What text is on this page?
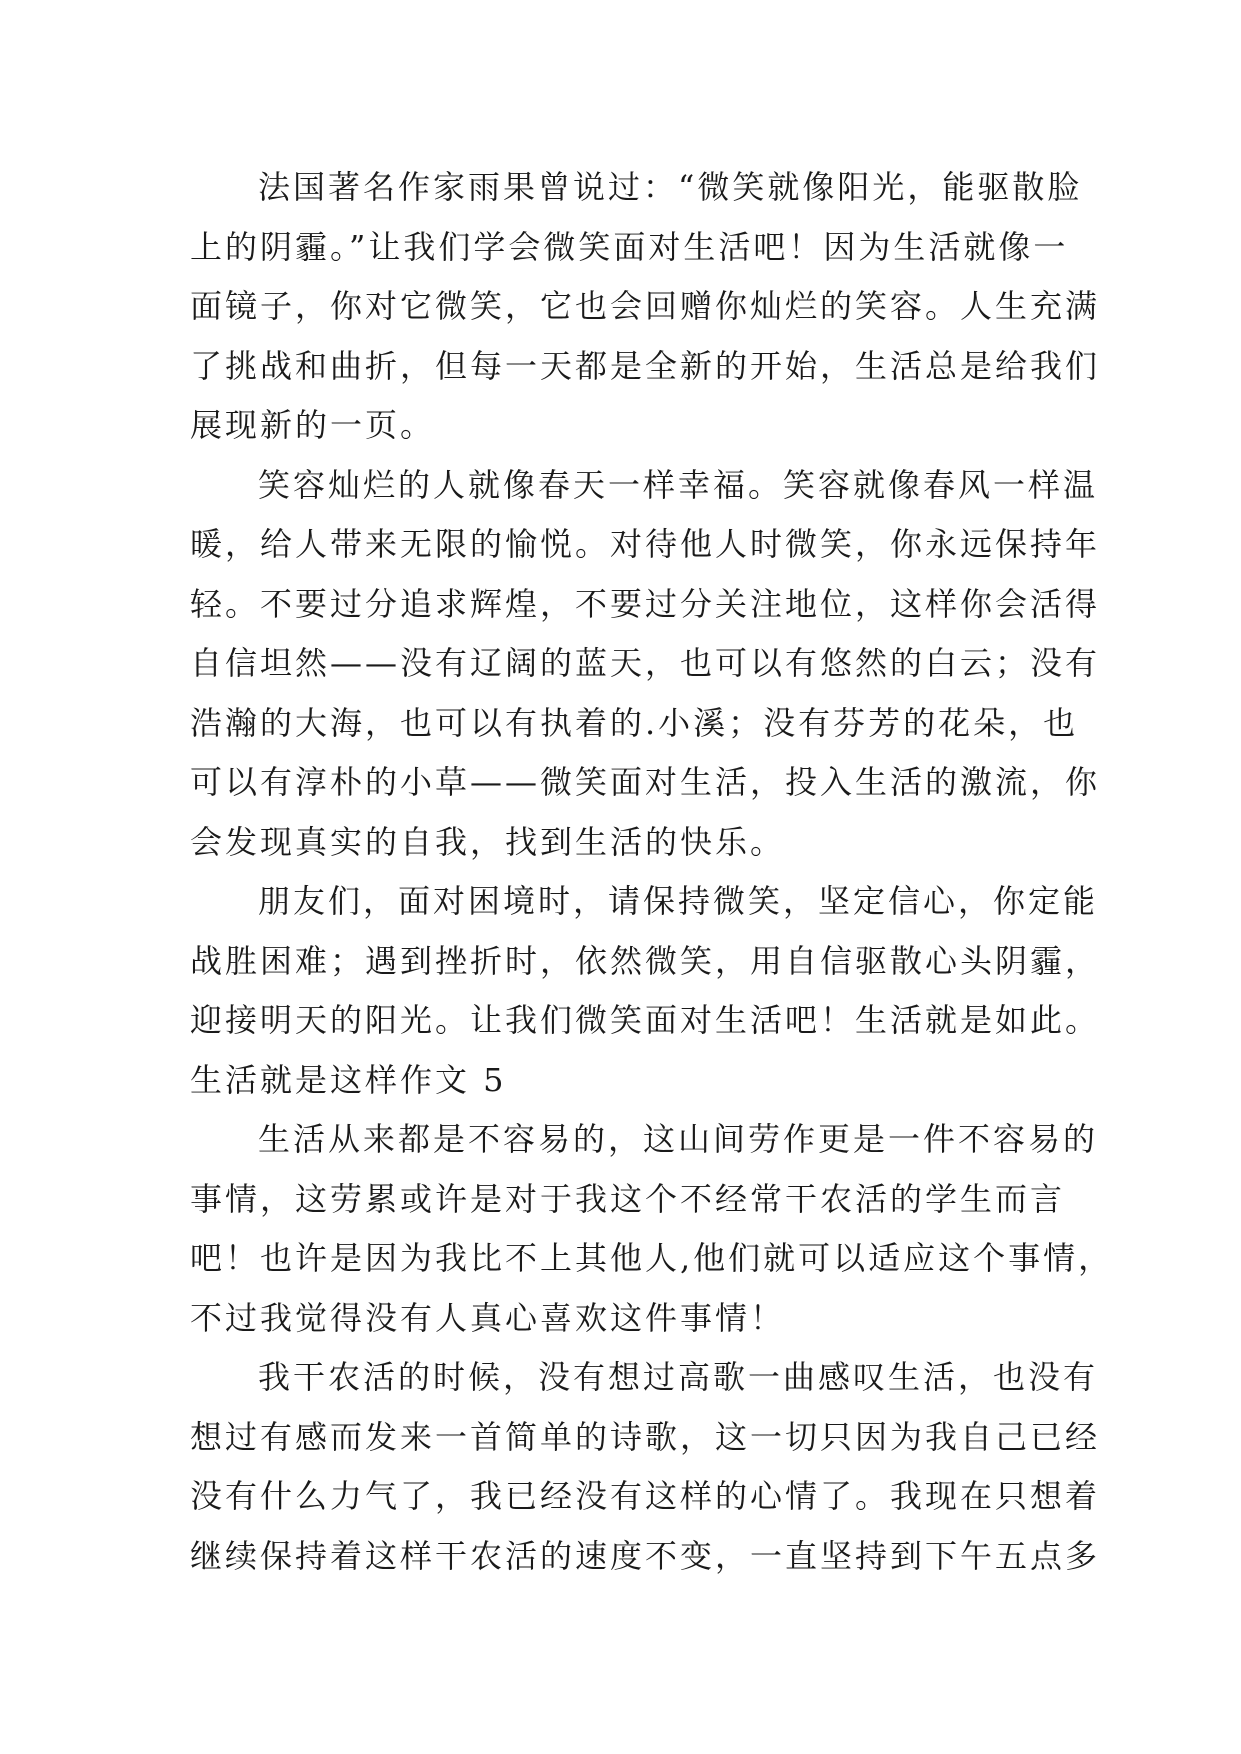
法国著名作家雨果曾说过：“微笑就像阳光，能驱散脸
上的阴霾。”让我们学会微笑面对生活吧！因为生活就像一
面镜子，你对它微笑，它也会回赠你灿烂的笑容。人生充满
了挑战和曲折，但每一天都是全新的开始，生活总是给我们
展现新的一页。
笑容灿烂的人就像春天一样幸福。笑容就像春风一样温
暖，给人带来无限的愉悦。对待他人时微笑，你永远保持年
轻。不要过分追求辉煌，不要过分关注地位，这样你会活得
自信坦然——没有辽阔的蓝天，也可以有悠然的白云；没有
浩瀚的大海，也可以有执着的.小溪；没有芬芳的花朵，也
可以有淳朴的小草——微笑面对生活，投入生活的激流，你
会发现真实的自我，找到生活的快乐。
朋友们，面对困境时，请保持微笑，坚定信心，你定能
战胜困难；遇到挫折时，依然微笑，用自信驱散心头阴霾，
迎接明天的阳光。让我们微笑面对生活吧！生活就是如此。
生活就是这样作文 5
生活从来都是不容易的，这山间劳作更是一件不容易的
事情，这劳累或许是对于我这个不经常干农活的学生而言
吧！也许是因为我比不上其他人,他们就可以适应这个事情，
不过我觉得没有人真心喜欢这件事情！
我干农活的时候，没有想过高歌一曲感叹生活，也没有
想过有感而发来一首简单的诗歌，这一切只因为我自己已经
没有什么力气了，我已经没有这样的心情了。我现在只想着
继续保持着这样干农活的速度不变，一直坚持到下午五点多
